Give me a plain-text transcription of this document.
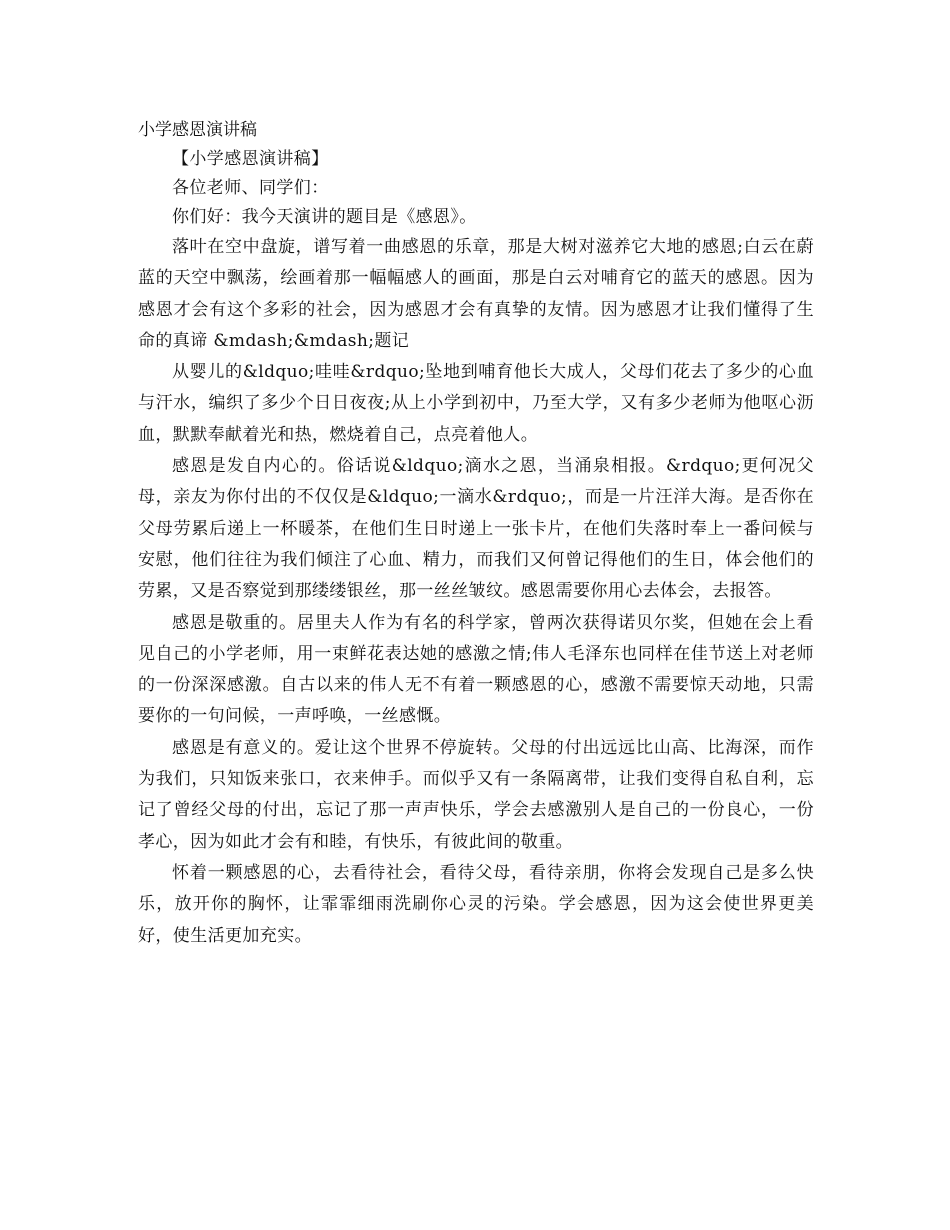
小学感恩演讲稿

【小学感恩演讲稿】

各位老师、同学们：

你们好：我今天演讲的题目是《感恩》。

落叶在空中盘旋，谱写着一曲感恩的乐章，那是大树对滋养它大地的感恩;白云在蔚蓝的天空中飘荡，绘画着那一幅幅感人的画面，那是白云对哺育它的蓝天的感恩。因为感恩才会有这个多彩的社会，因为感恩才会有真挚的友情。因为感恩才让我们懂得了生命的真谛 &mdash;&mdash;题记

从婴儿的&ldquo;哇哇&rdquo;坠地到哺育他长大成人，父母们花去了多少的心血与汗水，编织了多少个日日夜夜;从上小学到初中，乃至大学，又有多少老师为他呕心沥血，默默奉献着光和热，燃烧着自己，点亮着他人。

感恩是发自内心的。俗话说&ldquo;滴水之恩，当涌泉相报。&rdquo;更何况父母，亲友为你付出的不仅仅是&ldquo;一滴水&rdquo;，而是一片汪洋大海。是否你在父母劳累后递上一杯暖茶，在他们生日时递上一张卡片，在他们失落时奉上一番问候与安慰，他们往往为我们倾注了心血、精力，而我们又何曾记得他们的生日，体会他们的劳累，又是否察觉到那缕缕银丝，那一丝丝皱纹。感恩需要你用心去体会，去报答。

感恩是敬重的。居里夫人作为有名的科学家，曾两次获得诺贝尔奖，但她在会上看见自己的小学老师，用一束鲜花表达她的感激之情;伟人毛泽东也同样在佳节送上对老师的一份深深感激。自古以来的伟人无不有着一颗感恩的心，感激不需要惊天动地，只需要你的一句问候，一声呼唤，一丝感慨。

感恩是有意义的。爱让这个世界不停旋转。父母的付出远远比山高、比海深，而作为我们，只知饭来张口，衣来伸手。而似乎又有一条隔离带，让我们变得自私自利，忘记了曾经父母的付出，忘记了那一声声快乐，学会去感激别人是自己的一份良心，一份孝心，因为如此才会有和睦，有快乐，有彼此间的敬重。

怀着一颗感恩的心，去看待社会，看待父母，看待亲朋，你将会发现自己是多么快乐，放开你的胸怀，让霏霏细雨洗刷你心灵的污染。学会感恩，因为这会使世界更美好，使生活更加充实。
